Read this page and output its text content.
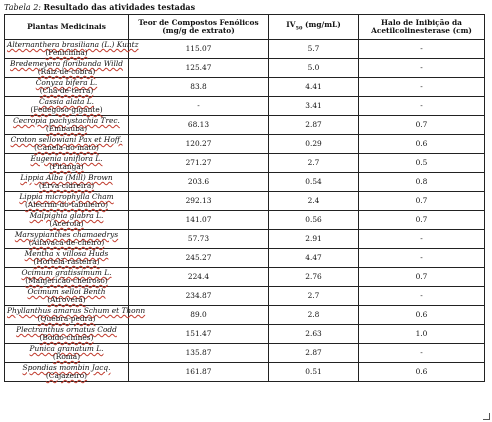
Tabela 2: Resultado das atividades testadas
Plantas Medicinais	Teor de Compostos Fenólicos (mg/g de extrato)	$IV_{50}$ (mg/mL)	Halo de Inibição da Acetilcolinesterase (cm)

Alternanthera brasiliana (L.) Kuntz
(Penicilina)	115.07	5.7	-

Bredemeyera floribunda Willd
(Raiz-de-cobra)	125.47	5.0	-

Conyza bifera L.
(Chá-de-terra)	83.8	4.41	-

Cassia alata L.
(Fedegoso-gigante)	-	3.41	-

Cecropia pachystachia Trec.
(Embaúba)	68.13	2.87	0.7

Croton sellowiani Pax et Hoff.
(Canela-do-mato)	120.27	0.29	0.6

Eugenia uniflora L.
(Pitanga)	271.27	2.7	0.5

Lippia Alba (Mill) Brown
(Erva-cidreira)	203.6	0.54	0.8

Lippia microphylla Cham
(Alecrim-do-tabuleiro)	292.13	2.4	0.7

Malpighia glabra L.
(Acerola)	141.07	0.56	0.7

Marsypianthes chamaedrys
(Alfavaca-de-cheiro)	57.73	2.91	-

Mentha x villosa Huds
(Hortelã-rasteira)	245.27	4.47	-

Ocimum gratissimum L.
(Manjericão-cheiroso)	224.4	2.76	0.7

Ocimum selloi Benth
(Atroverã)	234.87	2.7	-

Phyllanthus amarus Schum et Thonn
(Quebra-pedra)	89.0	2.8	0.6

Plectranthus ornatus Codd
(Boldo-chinês)	151.47	2.63	1.0

Punica granatum L.
(Romã)	135.87	2.87	-

Spondias mombin Jacq.
(Cajazeiro)	161.87	0.51	0.6
